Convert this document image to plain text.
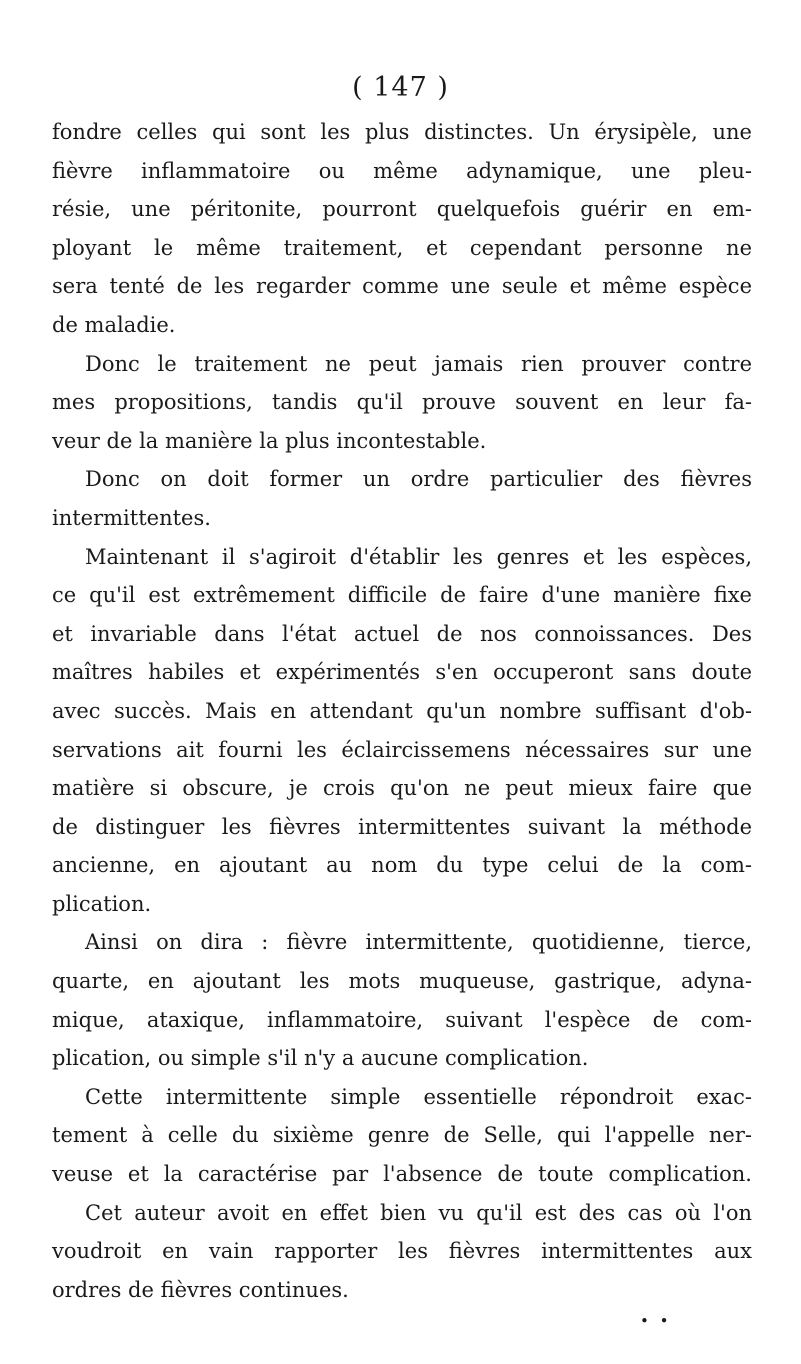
( 147 )
fondre celles qui sont les plus distinctes. Un érysipèle, une
fièvre inflammatoire ou même adynamique, une pleu-
résie, une péritonite, pourront quelquefois guérir en em-
ployant le même traitement, et cependant personne ne
sera tenté de les regarder comme une seule et même espèce
de maladie.
Donc le traitement ne peut jamais rien prouver contre
mes propositions, tandis qu'il prouve souvent en leur fa-
veur de la manière la plus incontestable.
Donc on doit former un ordre particulier des fièvres
intermittentes.
Maintenant il s'agiroit d'établir les genres et les espèces,
ce qu'il est extrêmement difficile de faire d'une manière fixe
et invariable dans l'état actuel de nos connoissances. Des
maîtres habiles et expérimentés s'en occuperont sans doute
avec succès. Mais en attendant qu'un nombre suffisant d'ob-
servations ait fourni les éclaircissemens nécessaires sur une
matière si obscure, je crois qu'on ne peut mieux faire que
de distinguer les fièvres intermittentes suivant la méthode
ancienne, en ajoutant au nom du type celui de la com-
plication.
Ainsi on dira : fièvre intermittente, quotidienne, tierce,
quarte, en ajoutant les mots muqueuse, gastrique, adyna-
mique, ataxique, inflammatoire, suivant l'espèce de com-
plication, ou simple s'il n'y a aucune complication.
Cette intermittente simple essentielle répondroit exac-
tement à celle du sixième genre de Selle, qui l'appelle ner-
veuse et la caractérise par l'absence de toute complication.
Cet auteur avoit en effet bien vu qu'il est des cas où l'on
voudroit en vain rapporter les fièvres intermittentes aux
ordres de fièvres continues.
• •
